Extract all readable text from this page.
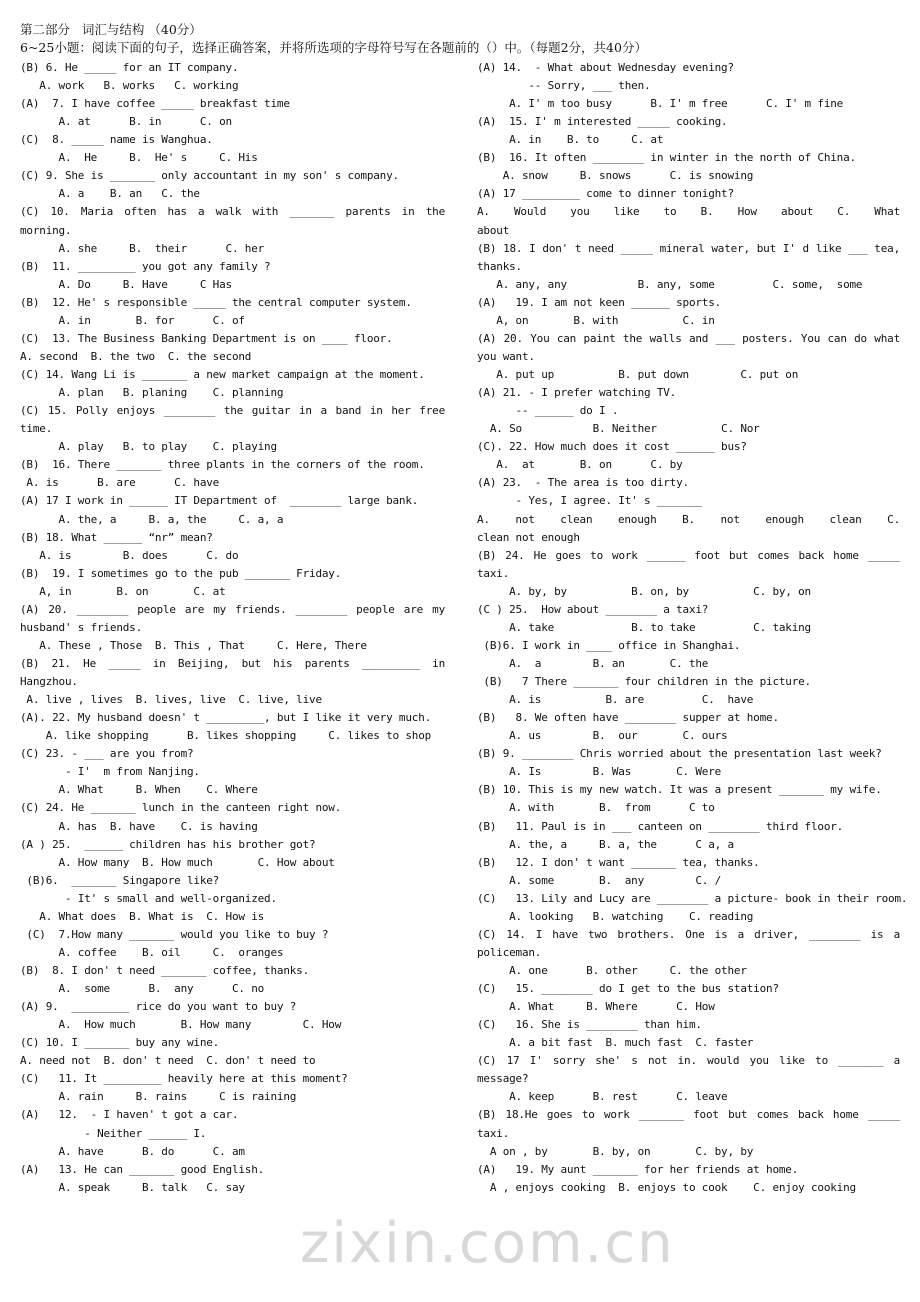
第二部分   词汇与结构 （40分）
6~25小题：阅读下面的句子，选择正确答案，并将所选项的字母符号写在各题前的（）中。（每题2分，共40分）
zixin.com.cn
(B) 6. He _____ for an IT company.
A. work   B. works   C. working
(A)  7. I have coffee _____ breakfast time
A. at      B. in      C. on
(C)  8. _____ name is Wanghua.
A.  He     B.  He' s     C. His
(C) 9. She is _______ only accountant in my son' s company.
A. a    B. an   C. the
(C) 10. Maria often has a walk with _______ parents in the
morning.
A. she     B.  their      C. her
(B)  11. _________ you got any family ?
A. Do     B. Have     C Has
(B)  12. He' s responsible _____ the central computer system.
A. in       B. for      C. of
(C)  13. The Business Banking Department is on ____ floor.
A. second  B. the two  C. the second
(C) 14. Wang Li is _______ a new market campaign at the moment.
A. plan   B. planing    C. planning
(C) 15. Polly enjoys ________ the guitar in a band in her free
time.
A. play   B. to play    C. playing
(B)  16. There _______ three plants in the corners of the room.
A. is      B. are      C. have
(A) 17 I work in ______ IT Department of  ________ large bank.
A. the, a     B. a, the     C. a, a
(B) 18. What ______ “nr” mean?
A. is        B. does      C. do
(B)  19. I sometimes go to the pub _______ Friday.
A, in       B. on       C. at
(A) 20. ________ people are my friends. ________ people are my
husband' s friends.
A. These , Those  B. This , That     C. Here, There
(B) 21. He _____ in Beijing, but his parents _________ in
Hangzhou.
A. live , lives  B. lives, live  C. live, live
(A). 22. My husband doesn' t _________, but I like it very much.
A. like shopping      B. likes shopping     C. likes to shop
(C) 23. - ___ are you from?
- I'  m from Nanjing.
A. What     B. When    C. Where
(C) 24. He _______ lunch in the canteen right now.
A. has  B. have    C. is having
(A ) 25.  ______ children has his brother got?
A. How many  B. How much       C. How about
(B)6.  _______ Singapore like?
- It' s small and well-organized.
A. What does  B. What is  C. How is
(C)  7.How many _______ would you like to buy ?
A. coffee    B. oil     C.  oranges
(B)  8. I don' t need _______ coffee, thanks.
A.  some      B.  any      C. no
(A) 9.  _________ rice do you want to buy ?
A.  How much       B. How many        C. How
(C) 10. I _______ buy any wine.
A. need not  B. don' t need  C. don' t need to
(C)   11. It _________ heavily here at this moment?
A. rain     B. rains     C is raining
(A)   12.  - I haven' t got a car.
- Neither ______ I.
A. have      B. do      C. am
(A)   13. He can _______ good English.
A. speak     B. talk   C. say
(A) 14.  - What about Wednesday evening?
-- Sorry, ___ then.
A. I' m too busy      B. I' m free      C. I' m fine
(A)  15. I' m interested _____ cooking.
A. in    B. to     C. at
(B)  16. It often ________ in winter in the north of China.
A. snow     B. snows      C. is snowing
(A) 17 _________ come to dinner tonight?
A. Would you like to B. How about C. What
about
(B) 18. I don' t need _____ mineral water, but I' d like ___ tea,
thanks.
A. any, any           B. any, some         C. some,  some
(A)   19. I am not keen ______ sports.
A, on       B. with          C. in
(A) 20. You can paint the walls and ___ posters. You can do what
you want.
A. put up          B. put down        C. put on
(A) 21. - I prefer watching TV.
-- ______ do I .
A. So           B. Neither          C. Nor
(C). 22. How much does it cost ______ bus?
A.  at       B. on      C. by
(A) 23.  - The area is too dirty.
- Yes, I agree. It' s _______
A. not clean enough B. not enough clean C.
clean not enough
(B) 24. He goes to work ______ foot but comes back home _____
taxi.
A. by, by          B. on, by          C. by, on
(C ) 25.  How about ________ a taxi?
A. take            B. to take         C. taking
(B)6. I work in ____ office in Shanghai.
A.  a        B. an       C. the
(B)   7 There _______ four children in the picture.
A. is          B. are         C.  have
(B)   8. We often have ________ supper at home.
A. us        B.  our       C. ours
(B) 9. ________ Chris worried about the presentation last week?
A. Is        B. Was       C. Were
(B) 10. This is my new watch. It was a present _______ my wife.
A. with       B.  from      C to
(B)   11. Paul is in ___ canteen on ________ third floor.
A. the, a     B. a, the      C a, a
(B)   12. I don' t want _______ tea, thanks.
A. some       B.  any        C. /
(C)   13. Lily and Lucy are ________ a picture- book in their room.
A. looking   B. watching    C. reading
(C) 14. I have two brothers. One is a driver, ________ is a
policeman.
A. one      B. other     C. the other
(C)   15. ________ do I get to the bus station?
A. What     B. Where      C. How
(C)   16. She is ________ than him.
A. a bit fast  B. much fast  C. faster
(C) 17 I' sorry she' s not in. would you like to _______ a
message?
A. keep      B. rest      C. leave
(B) 18.He goes to work _______ foot but comes back home _____
taxi.
A on , by       B. by, on       C. by, by
(A)   19. My aunt _______ for her friends at home.
A , enjoys cooking  B. enjoys to cook    C. enjoy cooking
